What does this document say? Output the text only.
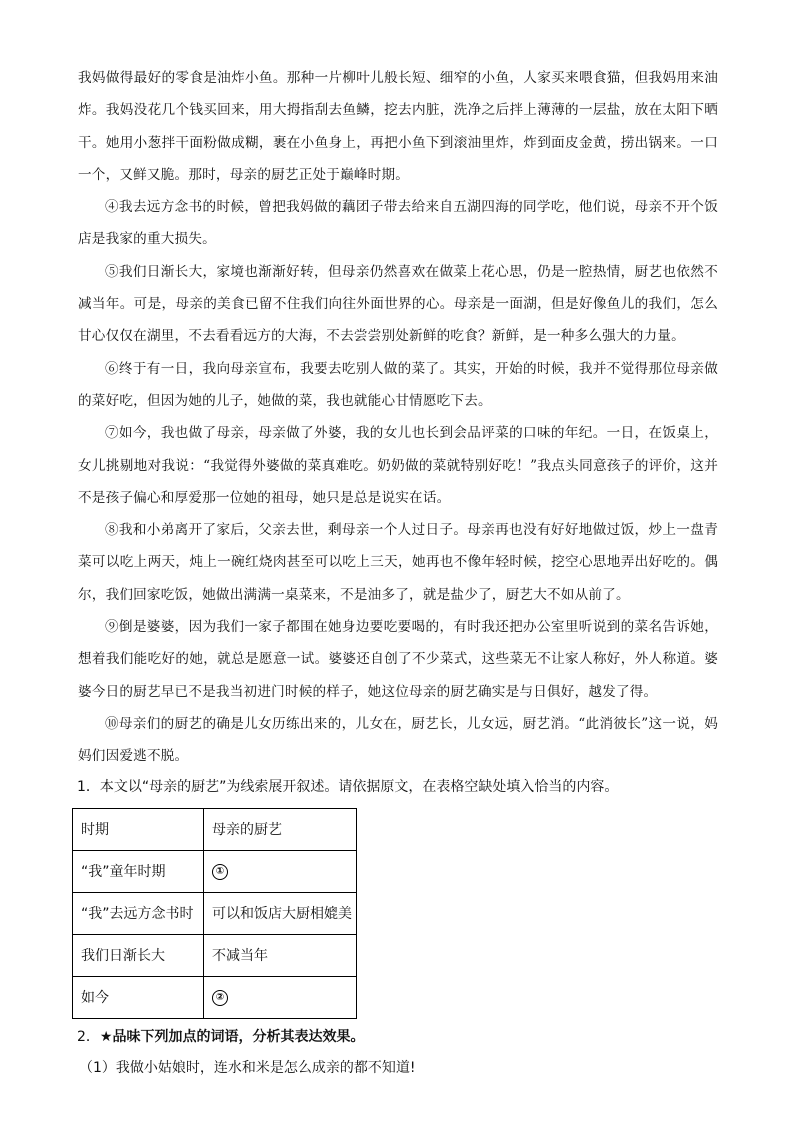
我妈做得最好的零食是油炸小鱼。那种一片柳叶儿般长短、细窄的小鱼，人家买来喂食猫，但我妈用来油炸。我妈没花几个钱买回来，用大拇指刮去鱼鳞，挖去内脏，洗净之后拌上薄薄的一层盐，放在太阳下晒干。她用小葱拌干面粉做成糊，裹在小鱼身上，再把小鱼下到滚油里炸，炸到面皮金黄，捞出锅来。一口一个，又鲜又脆。那时，母亲的厨艺正处于巅峰时期。

④我去远方念书的时候，曾把我妈做的藕团子带去给来自五湖四海的同学吃，他们说，母亲不开个饭店是我家的重大损失。

⑤我们日渐长大，家境也渐渐好转，但母亲仍然喜欢在做菜上花心思，仍是一腔热情，厨艺也依然不减当年。可是，母亲的美食已留不住我们向往外面世界的心。母亲是一面湖，但是好像鱼儿的我们，怎么甘心仅仅在湖里，不去看看远方的大海，不去尝尝别处新鲜的吃食？新鲜，是一种多么强大的力量。

⑥终于有一日，我向母亲宣布，我要去吃别人做的菜了。其实，开始的时候，我并不觉得那位母亲做的菜好吃，但因为她的儿子，她做的菜，我也就能心甘情愿吃下去。

⑦如今，我也做了母亲，母亲做了外婆，我的女儿也长到会品评菜的口味的年纪。一日，在饭桌上，女儿挑剔地对我说：“我觉得外婆做的菜真难吃。奶奶做的菜就特别好吃！”我点头同意孩子的评价，这并不是孩子偏心和厚爱那一位她的祖母，她只是总是说实在话。

⑧我和小弟离开了家后，父亲去世，剩母亲一个人过日子。母亲再也没有好好地做过饭，炒上一盘青菜可以吃上两天，炖上一碗红烧肉甚至可以吃上三天，她再也不像年轻时候，挖空心思地弄出好吃的。偶尔，我们回家吃饭，她做出满满一桌菜来，不是油多了，就是盐少了，厨艺大不如从前了。

⑨倒是婆婆，因为我们一家子都围在她身边要吃要喝的，有时我还把办公室里听说到的菜名告诉她，想着我们能吃好的她，就总是愿意一试。婆婆还自创了不少菜式，这些菜无不让家人称好，外人称道。婆婆今日的厨艺早已不是我当初进门时候的样子，她这位母亲的厨艺确实是与日俱好，越发了得。

⑩母亲们的厨艺的确是儿女历练出来的，儿女在，厨艺长，儿女远，厨艺消。“此消彼长”这一说，妈妈们因爱逃不脱。

1．本文以“母亲的厨艺”为线索展开叙述。请依据原文，在表格空缺处填入恰当的内容。
时期	母亲的厨艺
“我”童年时期	①
“我”去远方念书时	可以和饭店大厨相媲美
我们日渐长大	不减当年
如今	②
2．★品味下列加点的词语，分析其表达效果。
（1）我做小姑娘时，连水和米是怎么成亲的都不知道!
